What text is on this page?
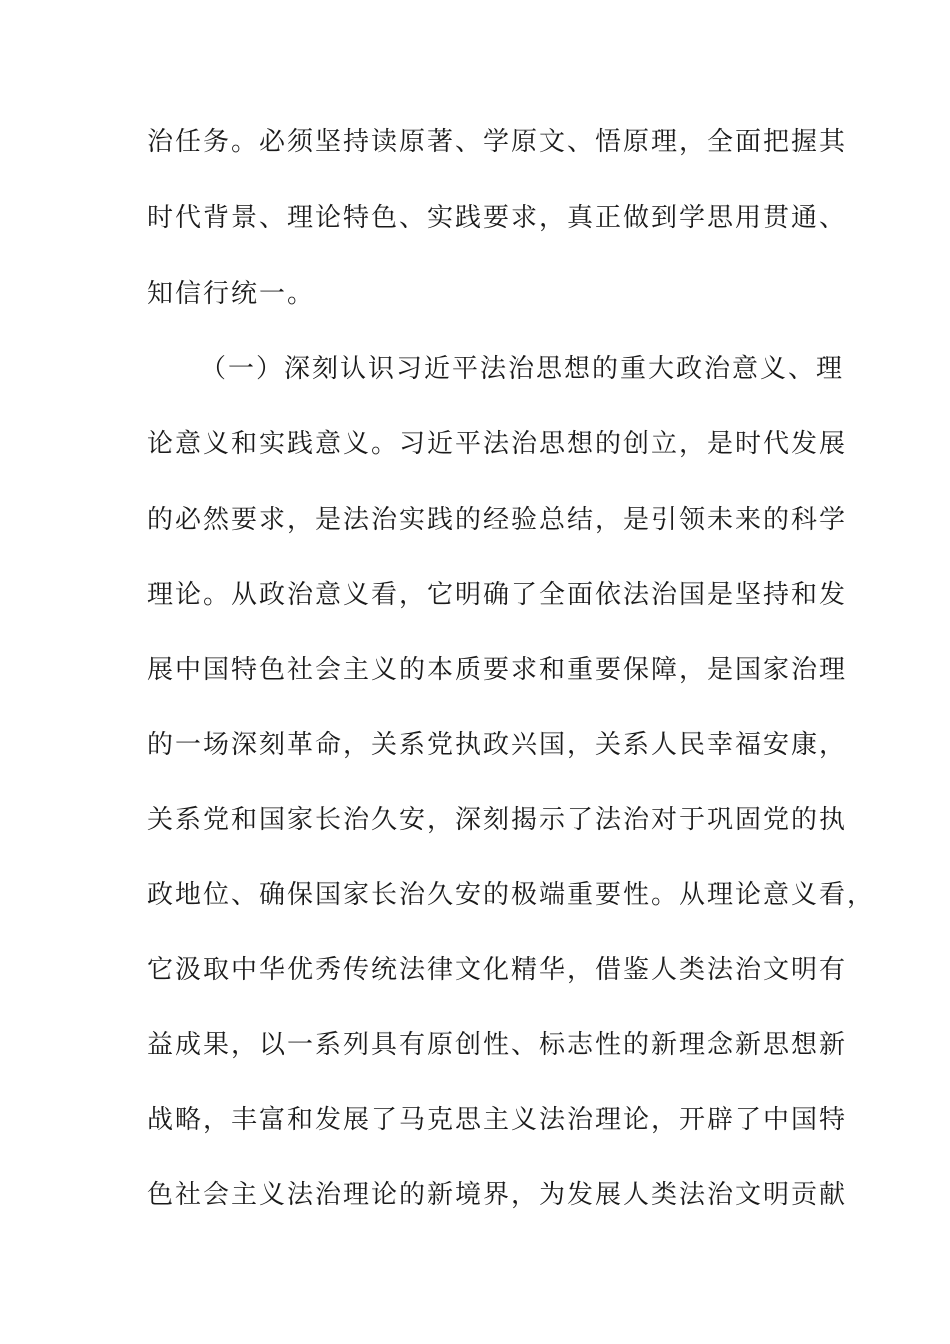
治任务。必须坚持读原著、学原文、悟原理，全面把握其
时代背景、理论特色、实践要求，真正做到学思用贯通、
知信行统一。
（一）深刻认识习近平法治思想的重大政治意义、理
论意义和实践意义。习近平法治思想的创立，是时代发展
的必然要求，是法治实践的经验总结，是引领未来的科学
理论。从政治意义看，它明确了全面依法治国是坚持和发
展中国特色社会主义的本质要求和重要保障，是国家治理
的一场深刻革命，关系党执政兴国，关系人民幸福安康，
关系党和国家长治久安，深刻揭示了法治对于巩固党的执
政地位、确保国家长治久安的极端重要性。从理论意义看，
它汲取中华优秀传统法律文化精华，借鉴人类法治文明有
益成果，以一系列具有原创性、标志性的新理念新思想新
战略，丰富和发展了马克思主义法治理论，开辟了中国特
色社会主义法治理论的新境界，为发展人类法治文明贡献
